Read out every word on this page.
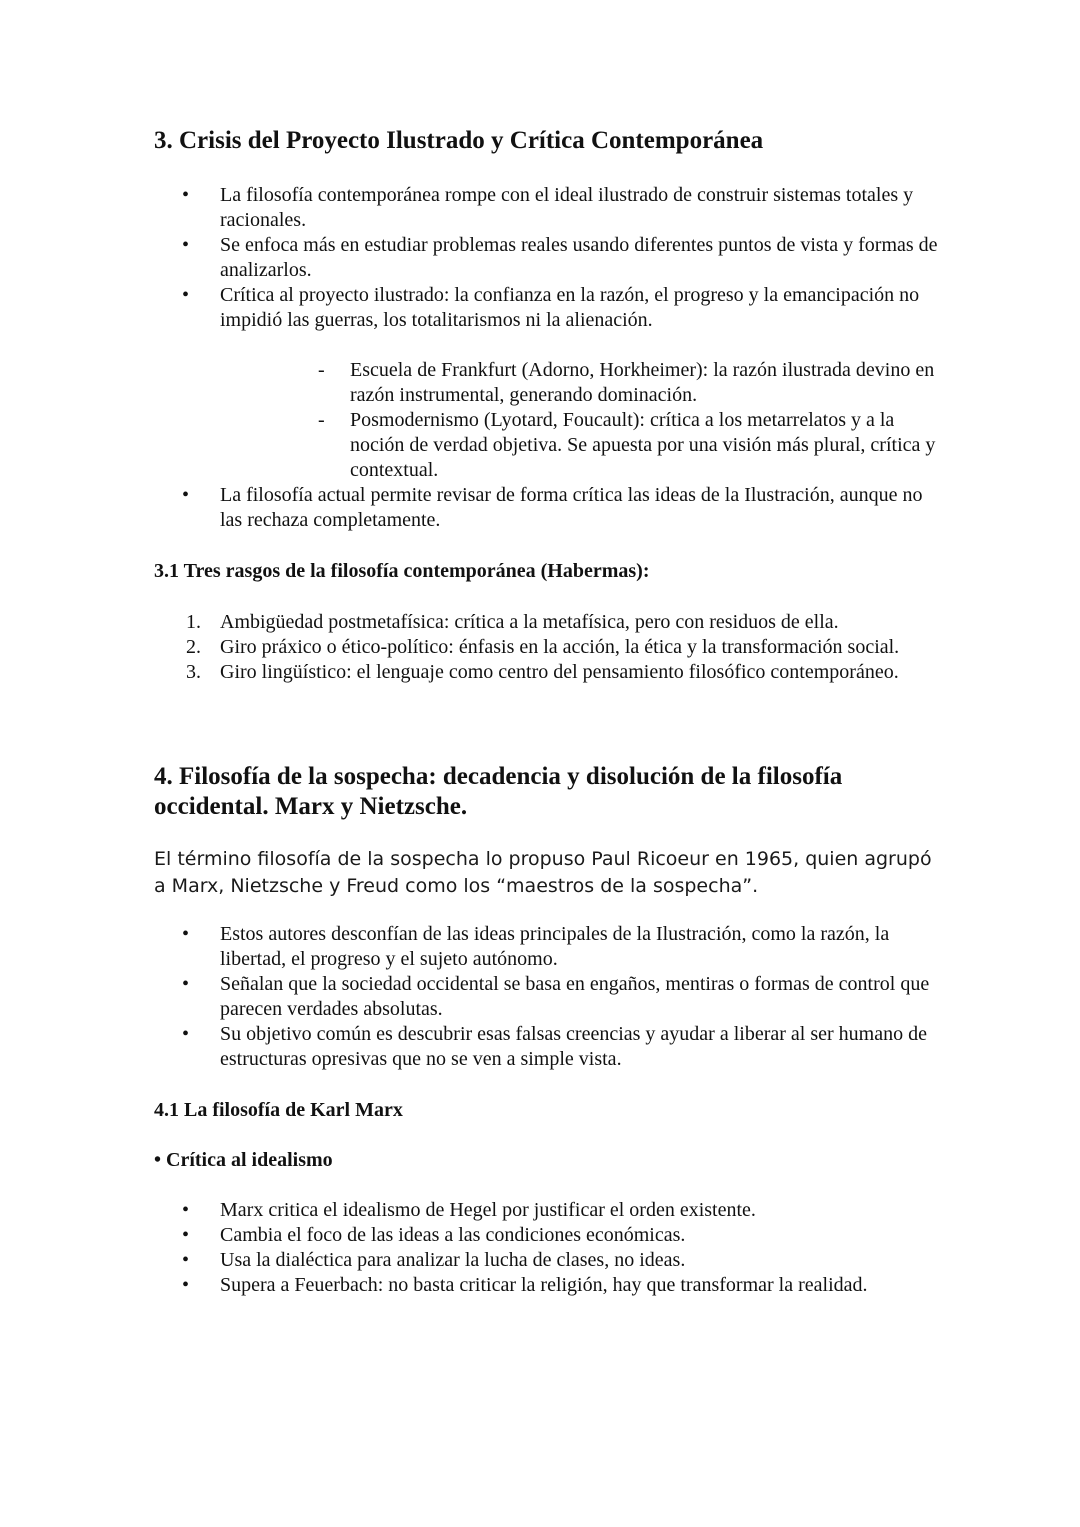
3. Crisis del Proyecto Ilustrado y Crítica Contemporánea
• La filosofía contemporánea rompe con el ideal ilustrado de construir sistemas totales y racionales.
• Se enfoca más en estudiar problemas reales usando diferentes puntos de vista y formas de analizarlos.
• Crítica al proyecto ilustrado: la confianza en la razón, el progreso y la emancipación no impidió las guerras, los totalitarismos ni la alienación.
- Escuela de Frankfurt (Adorno, Horkheimer): la razón ilustrada devino en razón instrumental, generando dominación.
- Posmodernismo (Lyotard, Foucault): crítica a los metarrelatos y a la noción de verdad objetiva. Se apuesta por una visión más plural, crítica y contextual.
• La filosofía actual permite revisar de forma crítica las ideas de la Ilustración, aunque no las rechaza completamente.
3.1 Tres rasgos de la filosofía contemporánea (Habermas):
1. Ambigüedad postmetafísica: crítica a la metafísica, pero con residuos de ella.
2. Giro práxico o ético-político: énfasis en la acción, la ética y la transformación social.
3. Giro lingüístico: el lenguaje como centro del pensamiento filosófico contemporáneo.
4. Filosofía de la sospecha: decadencia y disolución de la filosofía
occidental. Marx y Nietzsche.

El término filosofía de la sospecha lo propuso Paul Ricoeur en 1965, quien agrupó a Marx, Nietzsche y Freud como los “maestros de la sospecha”.

• Estos autores desconfían de las ideas principales de la Ilustración, como la razón, la libertad, el progreso y el sujeto autónomo.
• Señalan que la sociedad occidental se basa en engaños, mentiras o formas de control que parecen verdades absolutas.
• Su objetivo común es descubrir esas falsas creencias y ayudar a liberar al ser humano de estructuras opresivas que no se ven a simple vista.
4.1 La filosofía de Karl Marx
• Crítica al idealismo
• Marx critica el idealismo de Hegel por justificar el orden existente.
• Cambia el foco de las ideas a las condiciones económicas.
• Usa la dialéctica para analizar la lucha de clases, no ideas.
• Supera a Feuerbach: no basta criticar la religión, hay que transformar la realidad.
